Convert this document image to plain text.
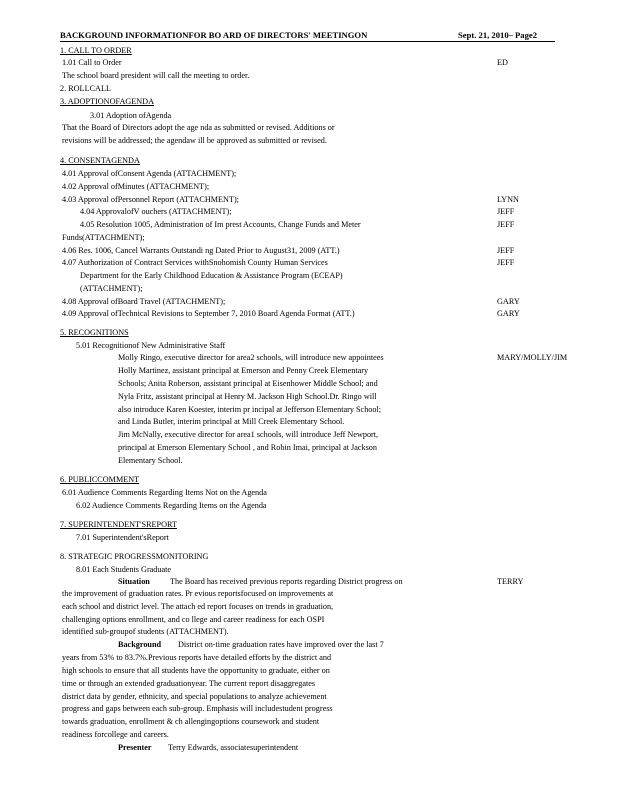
BACKGROUND INFORMATIONFOR BO ARD OF DIRECTORS' MEETINGON	Sept. 21, 2010– Page2
1. CALL TO ORDER
1.01 Call to Order	ED
The school board president will call the meeting to order.
2. ROLLCALL
3. ADOPTIONOFAGENDA
3.01 Adoption ofAgenda
That the Board of Directors adopt the age nda as submitted or revised. Additions or
revisions will be addressed; the agendaw ill be approved as submitted or revised.
4. CONSENTAGENDA
4.01 Approval ofConsent Agenda (ATTACHMENT);
4.02 Approval ofMinutes (ATTACHMENT);
4.03 Approval ofPersonnel Report (ATTACHMENT);	LYNN
4.04 ApprovalofV ouchers (ATTACHMENT);	JEFF
4.05 Resolution 1005, Administration of Im prest Accounts, Change Funds and Meter	JEFF
Funds(ATTACHMENT);
4.06 Res. 1006, Cancel Warrants Outstandi ng Dated Prior to August31, 2009 (ATT.)	JEFF
4.07 Authorization of Contract Services withSnohomish County Human Services	JEFF
Department for the Early Childhood Education & Assistance Program (ECEAP)
(ATTACHMENT);
4.08 Approval ofBoard Travel (ATTACHMENT);	GARY
4.09 Approval ofTechnical Revisions to September 7, 2010 Board Agenda Format (ATT.)	GARY
5. RECOGNITIONS
5.01 Recognitionof New Administrative Staff
Molly Ringo, executive director for area2 schools, will introduce new appointees	MARY/MOLLY/JIM
Holly Martinez, assistant principal at Emerson and Penny Creek Elementary
Schools; Anita Roberson, assistant principal at Eisenhower Middle School; and
Nyla Fritz, assistant principal at Henry M. Jackson High School.Dr. Ringo will
also introduce Karen Koester, interim pr incipal at Jefferson Elementary School;
and Linda Butler, interim principal at Mill Creek Elementary School.
Jim McNally, executive director for area1 schools, will introduce Jeff Newport,
principal at Emerson Elementary School , and Robin Imai, principal at Jackson
Elementary School.
6. PUBLICCOMMENT
6.01 Audience Comments Regarding Items Not on the Agenda
6.02 Audience Comments Regarding Items on the Agenda
7. SUPERINTENDENT'SREPORT
7.01 Superintendent'sReport
8. STRATEGIC PROGRESSMONITORING
8.01 Each Students Graduate
Situation The Board has received previous reports regarding District progress on	TERRY
the improvement of graduation rates. Pr evious reportsfocused on improvements at
each school and district level. The attach ed report focuses on trends in graduation,
challenging options enrollment, and co llege and career readiness for each OSPI
identified sub-groupof students (ATTACHMENT).
Background District on-time graduation rates have improved over the last 7
years from 53% to 83.7%.Previous reports have detailed efforts by the district and
high schools to ensure that all students have the opportunity to graduate, either on
time or through an extended graduationyear. The current report disaggregates
district data by gender, ethnicity, and special populations to analyze achievement
progress and gaps between each sub-group. Emphasis will includestudent progress
towards graduation, enrollment & ch allengingoptions coursework and student
readiness forcollege and careers.
Presenter Terry Edwards, associatesuperintendent
